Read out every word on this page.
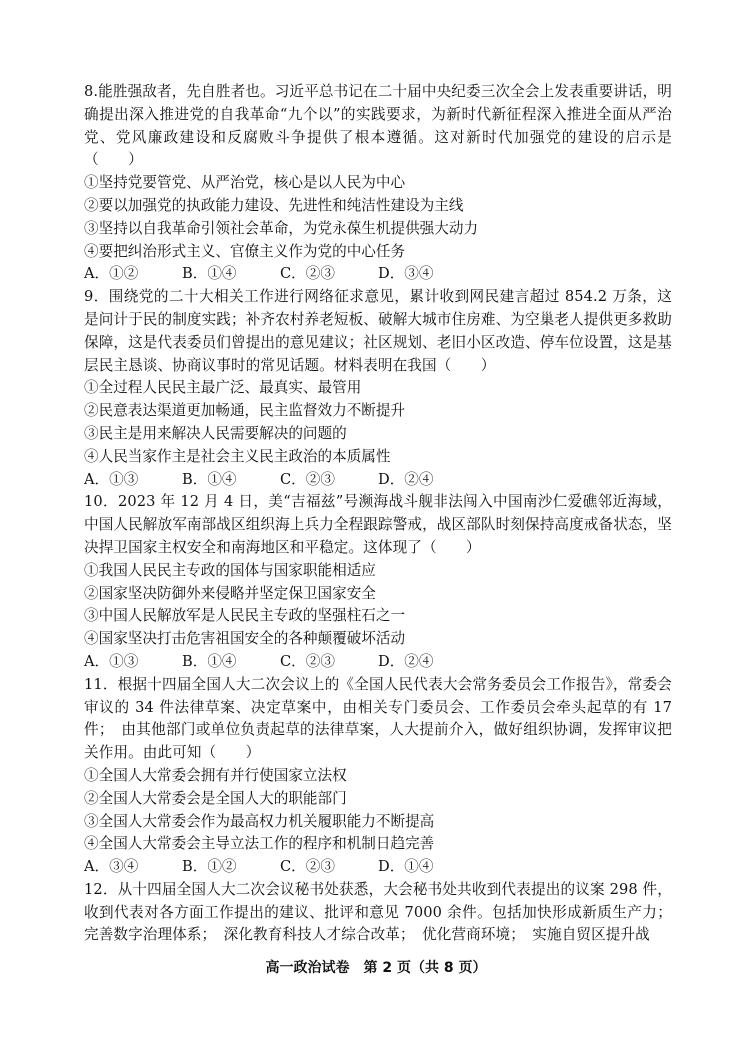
8.能胜强敌者，先自胜者也。习近平总书记在二十届中央纪委三次全会上发表重要讲话，明确提出深入推进党的自我革命“九个以”的实践要求，为新时代新征程深入推进全面从严治党、党风廉政建设和反腐败斗争提供了根本遵循。这对新时代加强党的建设的启示是（　　）

①坚持党要管党、从严治党，核心是以人民为中心

②要以加强党的执政能力建设、先进性和纯洁性建设为主线

③坚持以自我革命引领社会革命，为党永葆生机提供强大动力

④要把纠治形式主义、官僚主义作为党的中心任务

A．①②	B．①④	C．②③	D．③④

9．围绕党的二十大相关工作进行网络征求意见，累计收到网民建言超过 854.2 万条，这是问计于民的制度实践；补齐农村养老短板、破解大城市住房难、为空巢老人提供更多救助保障，这是代表委员们曾提出的意见建议；社区规划、老旧小区改造、停车位设置，这是基层民主恳谈、协商议事时的常见话题。材料表明在我国（　　）

①全过程人民民主最广泛、最真实、最管用

②民意表达渠道更加畅通，民主监督效力不断提升

③民主是用来解决人民需要解决的问题的

④人民当家作主是社会主义民主政治的本质属性

A．①③	B．①④	C．②③	D．②④

10．2023 年 12 月 4 日，美“吉福兹”号濒海战斗舰非法闯入中国南沙仁爱礁邻近海域，中国人民解放军南部战区组织海上兵力全程跟踪警戒，战区部队时刻保持高度戒备状态，坚决捍卫国家主权安全和南海地区和平稳定。这体现了（　　）

①我国人民民主专政的国体与国家职能相适应

②国家坚决防御外来侵略并坚定保卫国家安全

③中国人民解放军是人民民主专政的坚强柱石之一

④国家坚决打击危害祖国安全的各种颠覆破坏活动

A．①③	B．①④	C．②③	D．②④

11．根据十四届全国人大二次会议上的《全国人民代表大会常务委员会工作报告》，常委会审议的 34 件法律草案、决定草案中，由相关专门委员会、工作委员会牵头起草的有 17 件；　由其他部门或单位负责起草的法律草案，人大提前介入，做好组织协调，发挥审议把关作用。由此可知（　　）

①全国人大常委会拥有并行使国家立法权

②全国人大常委会是全国人大的职能部门

③全国人大常委会作为最高权力机关履职能力不断提高

④全国人大常委会主导立法工作的程序和机制日趋完善

A．③④	B．①②	C．②③	D．①④

12．从十四届全国人大二次会议秘书处获悉，大会秘书处共收到代表提出的议案 298 件，收到代表对各方面工作提出的建议、批评和意见 7000 余件。包括加快形成新质生产力；完善数字治理体系；　深化教育科技人才综合改革；　优化营商环境；　实施自贸区提升战

高一政治试卷　第 2 页（共 8 页）
